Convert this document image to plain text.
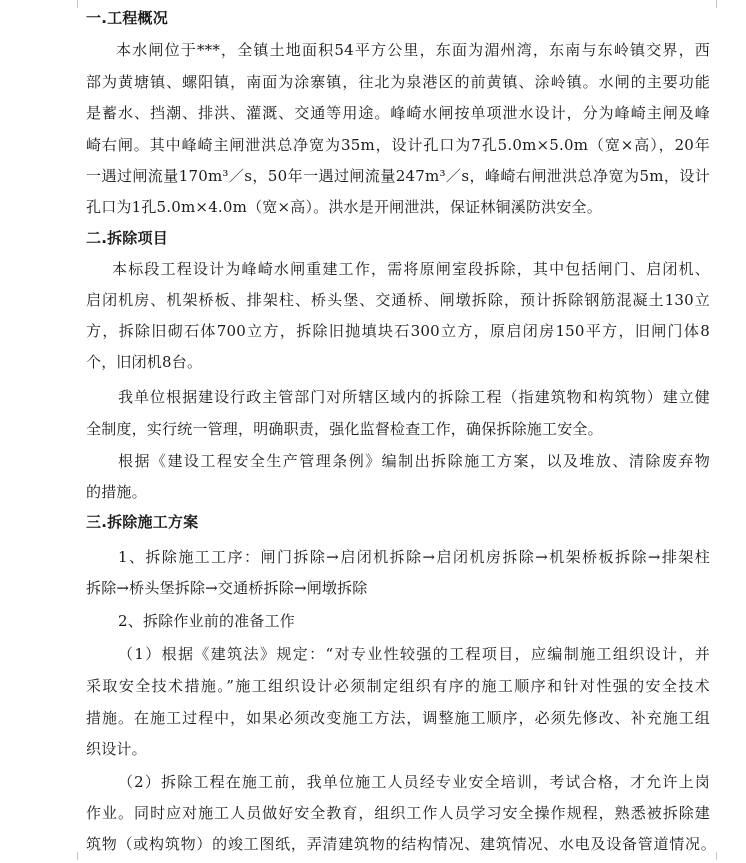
一.工程概况
本水闸位于***，全镇土地面积54平方公里，东面为湄州湾，东南与东岭镇交界，西
部为黄塘镇、螺阳镇，南面为涂寨镇，往北为泉港区的前黄镇、涂岭镇。水闸的主要功能
是蓄水、挡潮、排洪、灌溉、交通等用途。峰崎水闸按单项泄水设计，分为峰崎主闸及峰
崎右闸。其中峰崎主闸泄洪总净宽为35m，设计孔口为7孔5.0m×5.0m（宽×高），20年
一遇过闸流量170m³／s，50年一遇过闸流量247m³／s，峰崎右闸泄洪总净宽为5m，设计
孔口为1孔5.0m×4.0m（宽×高）。洪水是开闸泄洪，保证林铜溪防洪安全。
二.拆除项目
本标段工程设计为峰崎水闸重建工作，需将原闸室段拆除，其中包括闸门、启闭机、
启闭机房、机架桥板、排架柱、桥头堡、交通桥、闸墩拆除，预计拆除钢筋混凝土130立
方，拆除旧砌石体700立方，拆除旧抛填块石300立方，原启闭房150平方，旧闸门体8
个，旧闭机8台。
我单位根据建设行政主管部门对所辖区域内的拆除工程（指建筑物和构筑物）建立健
全制度，实行统一管理，明确职责，强化监督检查工作，确保拆除施工安全。
根据《建设工程安全生产管理条例》编制出拆除施工方案，以及堆放、清除废弃物
的措施。
三.拆除施工方案
1、拆除施工工序：闸门拆除→启闭机拆除→启闭机房拆除→机架桥板拆除→排架柱
拆除→桥头堡拆除→交通桥拆除→闸墩拆除
2、拆除作业前的准备工作
（1）根据《建筑法》规定：“对专业性较强的工程项目，应编制施工组织设计，并
采取安全技术措施。”施工组织设计必须制定组织有序的施工顺序和针对性强的安全技术
措施。在施工过程中，如果必须改变施工方法，调整施工顺序，必须先修改、补充施工组
织设计。
（2）拆除工程在施工前，我单位施工人员经专业安全培训，考试合格，才允许上岗
作业。同时应对施工人员做好安全教育，组织工作人员学习安全操作规程，熟悉被拆除建
筑物（或构筑物）的竣工图纸，弄清建筑物的结构情况、建筑情况、水电及设备管道情况。
